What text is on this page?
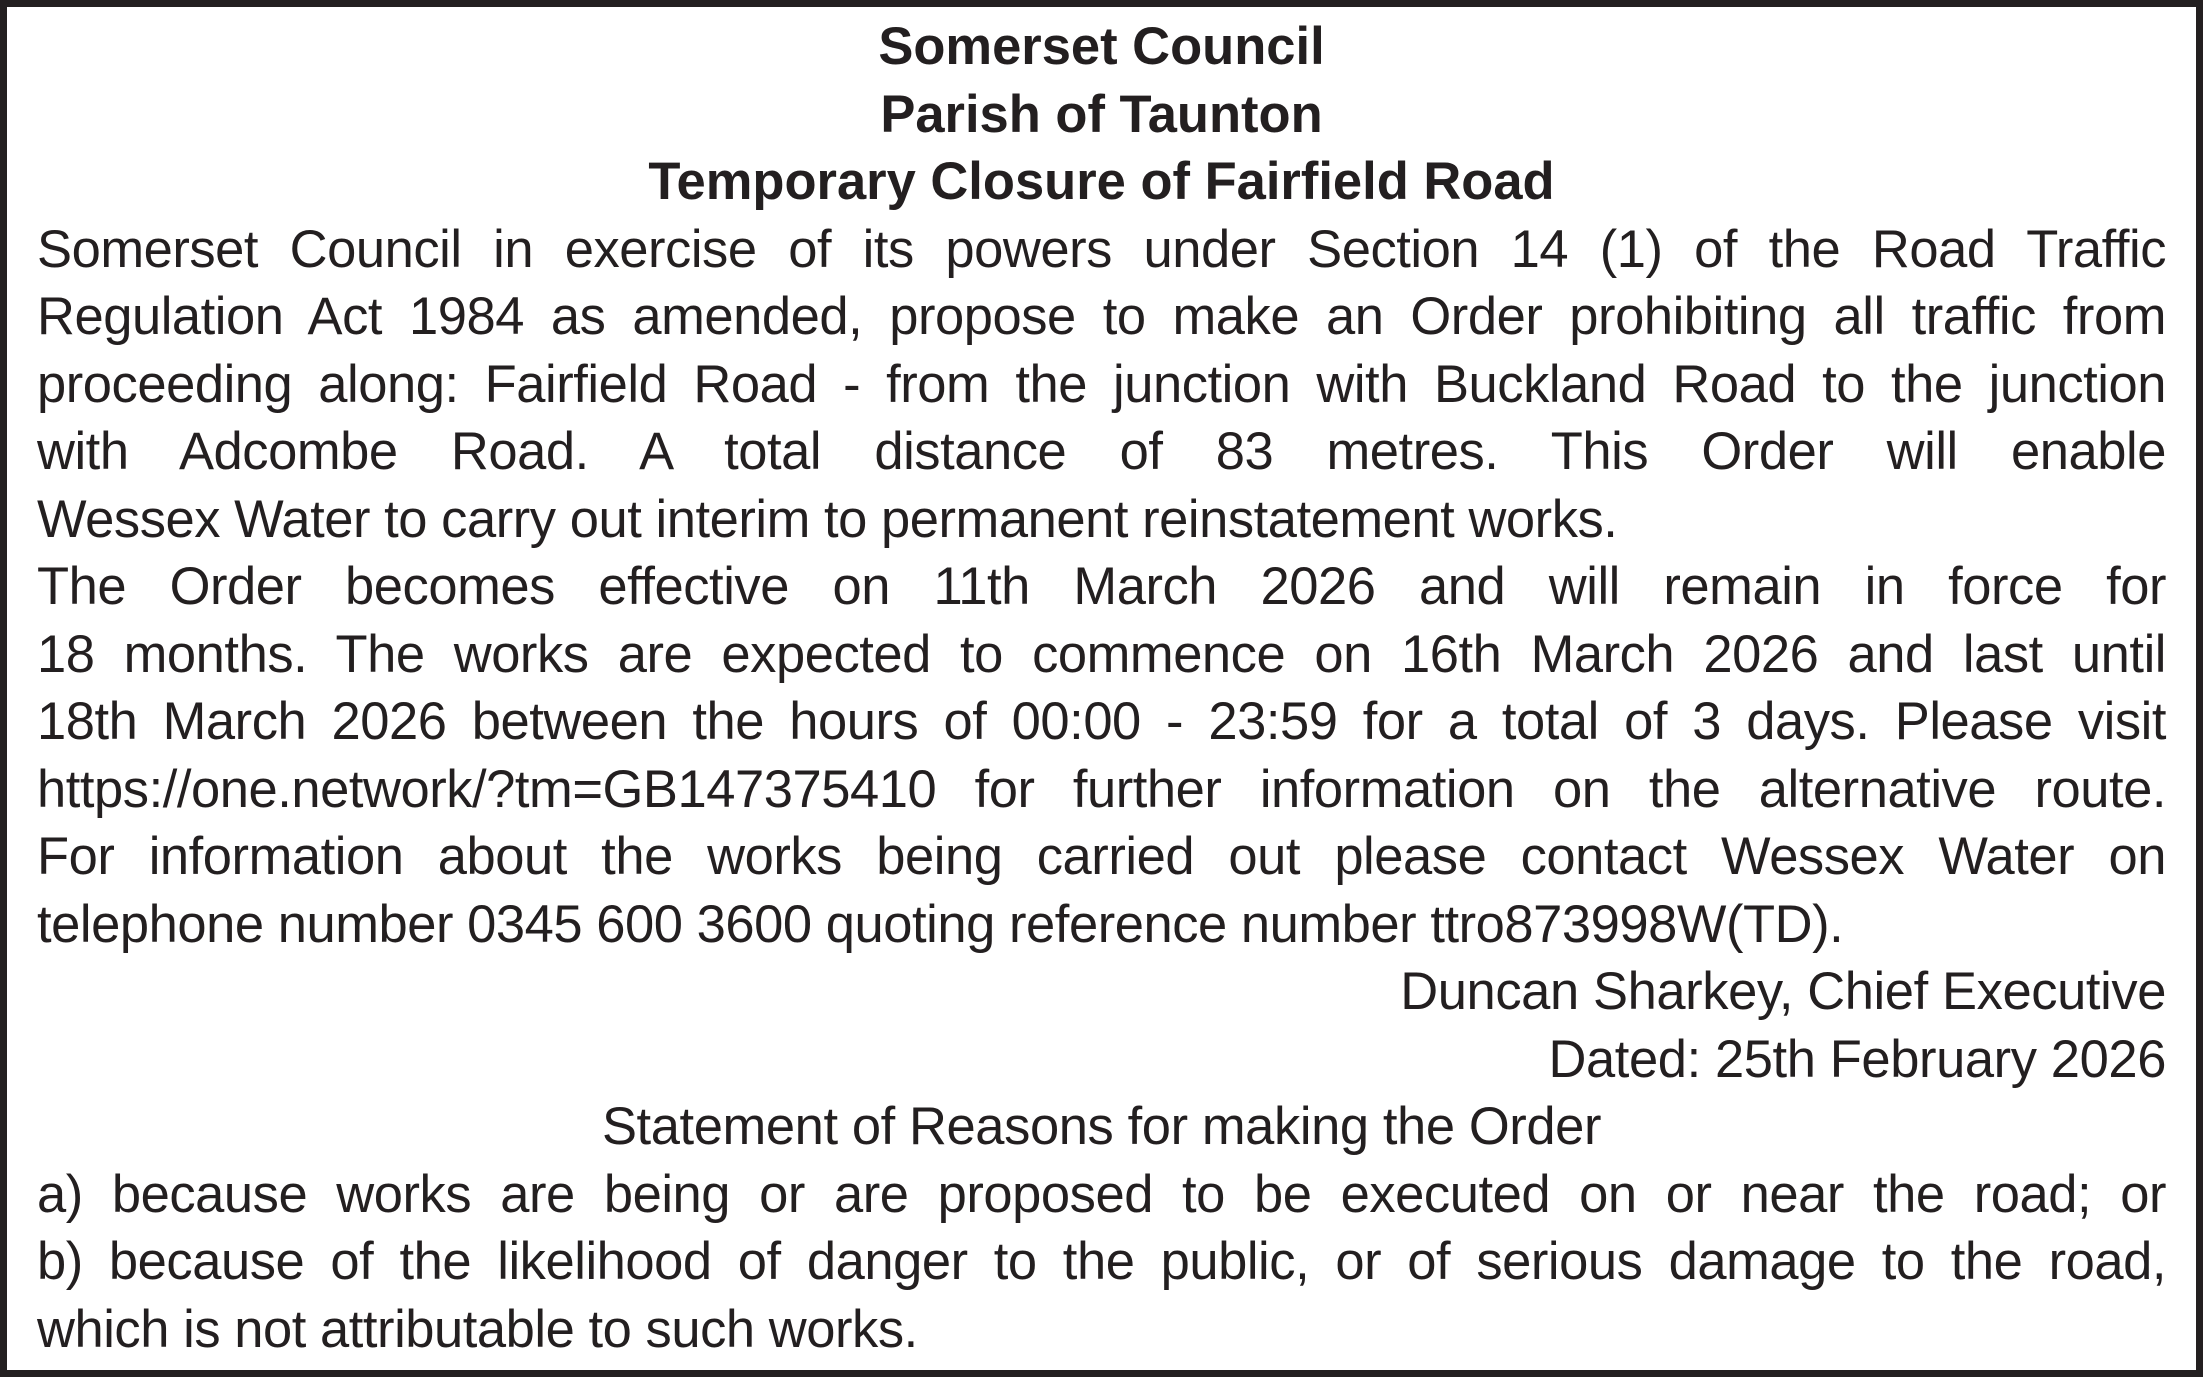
Somerset Council
Parish of Taunton
Temporary Closure of Fairfield Road
Somerset Council in exercise of its powers under Section 14 (1) of the Road Traffic
Regulation Act 1984 as amended, propose to make an Order prohibiting all traffic from
proceeding along: Fairfield Road - from the junction with Buckland Road to the junction
with Adcombe Road. A total distance of 83 metres. This Order will enable
Wessex Water to carry out interim to permanent reinstatement works.
The Order becomes effective on 11th March 2026 and will remain in force for
18 months. The works are expected to commence on 16th March 2026 and last until
18th March 2026 between the hours of 00:00 - 23:59 for a total of 3 days. Please visit
https://one.network/?tm=GB147375410 for further information on the alternative route.
For information about the works being carried out please contact Wessex Water on
telephone number 0345 600 3600 quoting reference number ttro873998W(TD).
Duncan Sharkey, Chief Executive
Dated: 25th February 2026
Statement of Reasons for making the Order
a) because works are being or are proposed to be executed on or near the road; or
b) because of the likelihood of danger to the public, or of serious damage to the road,
which is not attributable to such works.
